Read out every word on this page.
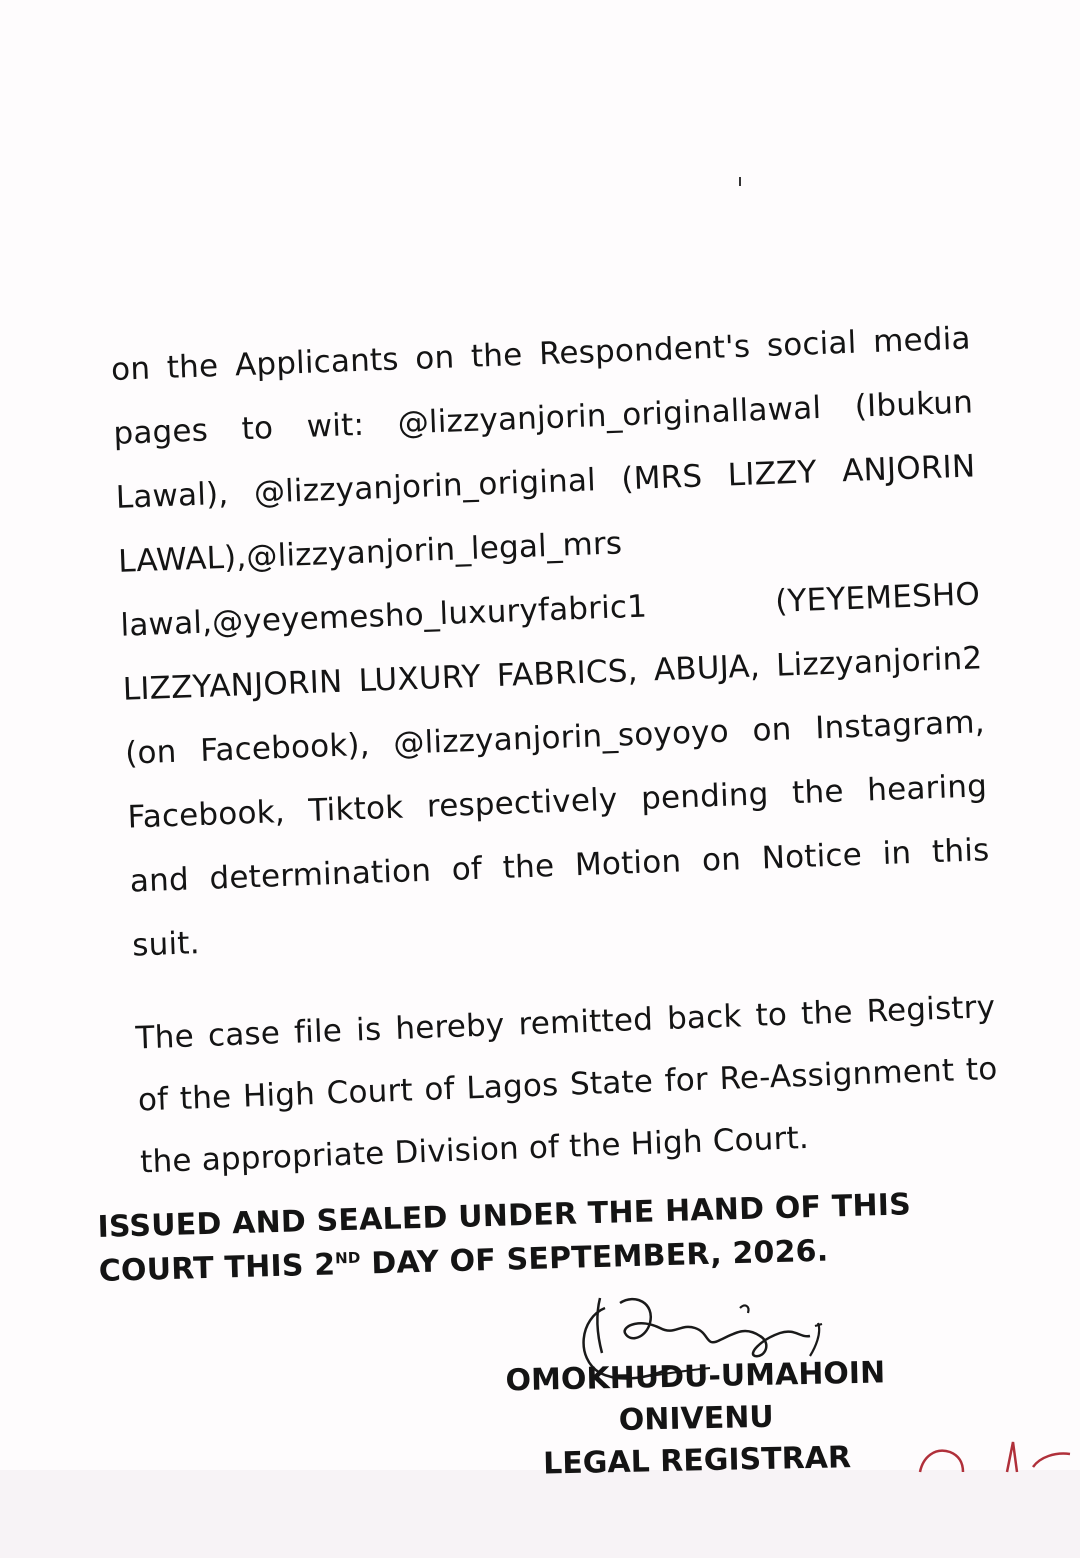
on the Applicants on the Respondent's social media
pages to wit: @lizzyanjorin_originallawal (Ibukun
Lawal), @lizzyanjorin_original (MRS LIZZY ANJORIN
LAWAL),@lizzyanjorin_legal_mrs
lawal,@yeyemesho_luxuryfabric1	(YEYEMESHO
LIZZYANJORIN LUXURY FABRICS, ABUJA, Lizzyanjorin2
(on Facebook), @lizzyanjorin_soyoyo on Instagram,
Facebook, Tiktok respectively pending the hearing
and determination of the Motion on Notice in this
suit.
The case file is hereby remitted back to the Registry
of the High Court of Lagos State for Re-Assignment to
the appropriate Division of the High Court.
ISSUED AND SEALED UNDER THE HAND OF THIS
COURT THIS 2ND DAY OF SEPTEMBER, 2026.
OMOKHUDU-UMAHOIN ONIVENU
LEGAL REGISTRAR
